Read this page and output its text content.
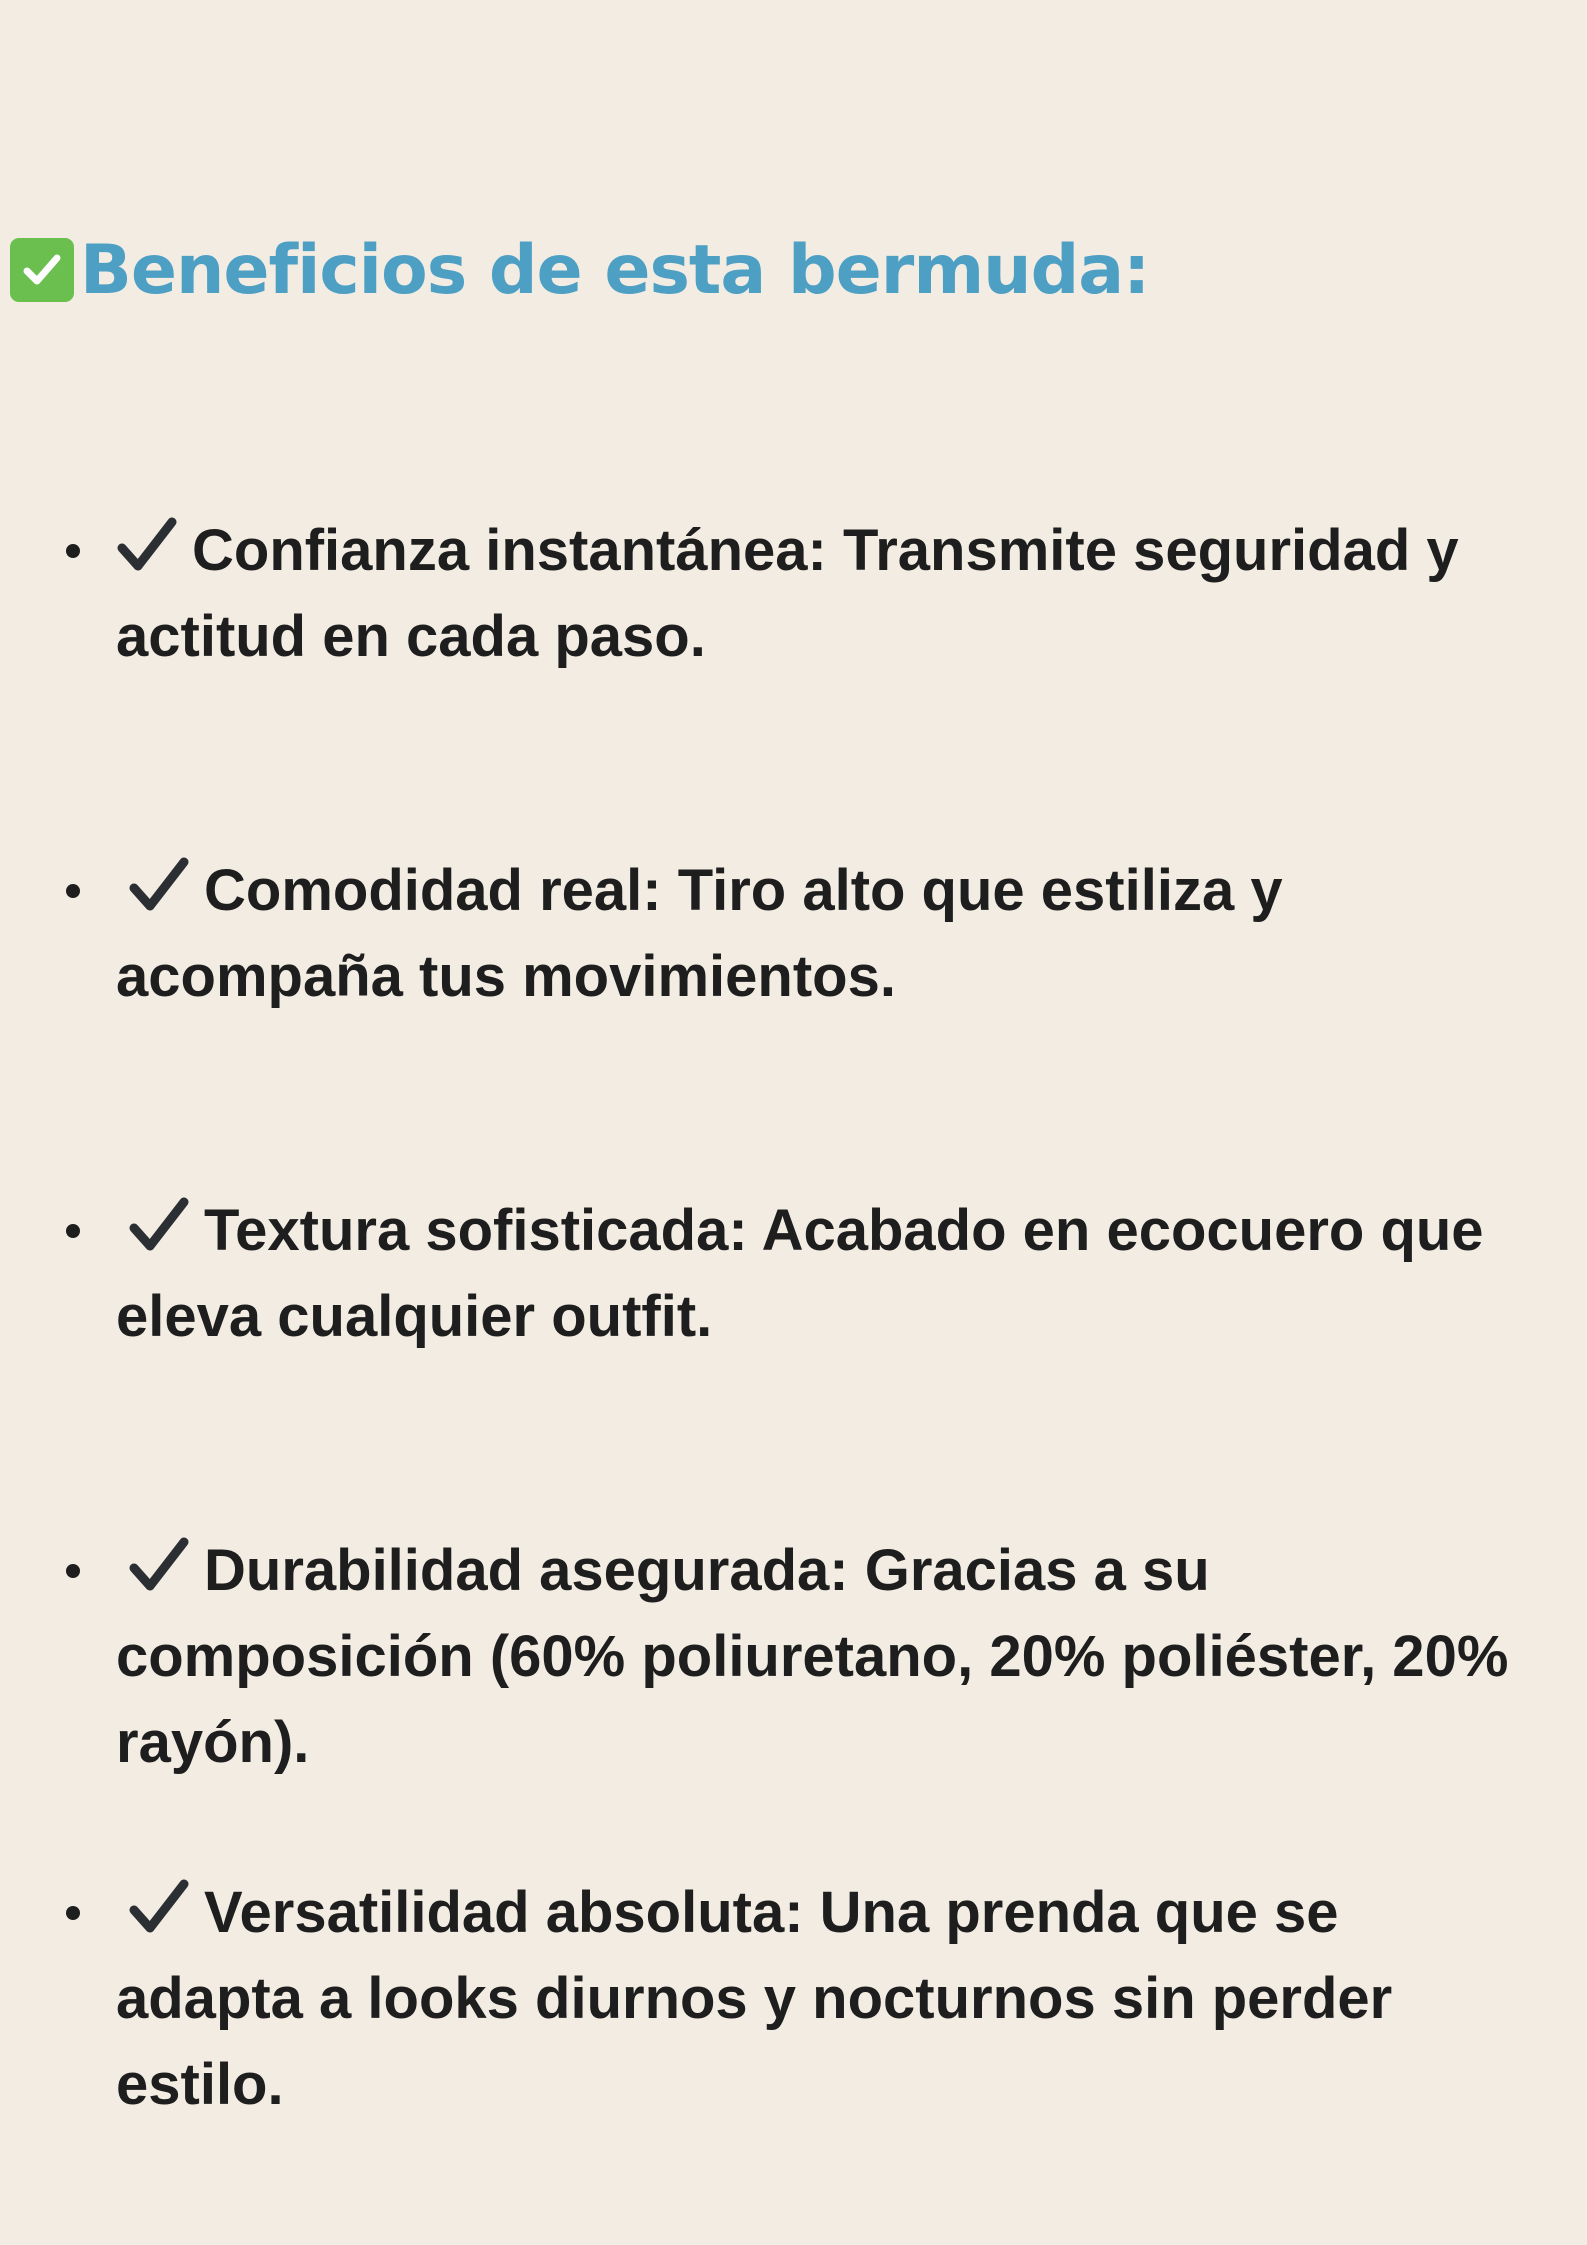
Beneficios de esta bermuda:
Confianza instantánea: Transmite seguridad y
actitud en cada paso.
Comodidad real: Tiro alto que estiliza y
acompaña tus movimientos.
Textura sofisticada: Acabado en ecocuero que
eleva cualquier outfit.
Durabilidad asegurada: Gracias a su
composición (60% poliuretano, 20% poliéster, 20%
rayón).
Versatilidad absoluta: Una prenda que se
adapta a looks diurnos y nocturnos sin perder
estilo.
